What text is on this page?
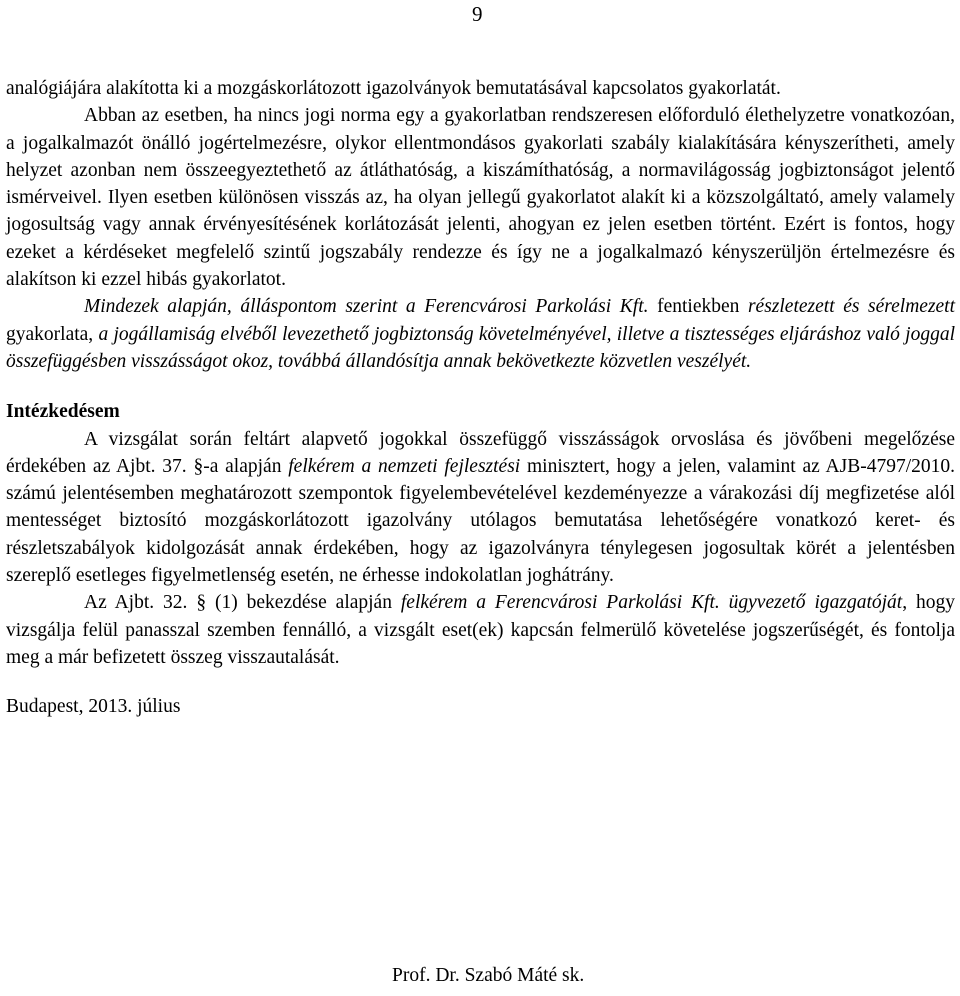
9

analógiájára alakította ki a mozgáskorlátozott igazolványok bemutatásával kapcsolatos gyakorlatát.

Abban az esetben, ha nincs jogi norma egy a gyakorlatban rendszeresen előforduló élethelyzetre vonatkozóan, a jogalkalmazót önálló jogértelmezésre, olykor ellentmondásos gyakorlati szabály kialakítására kényszerítheti, amely helyzet azonban nem összeegyeztethető az átláthatóság, a kiszámíthatóság, a normavilágosság jogbiztonságot jelentő ismérveivel. Ilyen esetben különösen visszás az, ha olyan jellegű gyakorlatot alakít ki a közszolgáltató, amely valamely jogosultság vagy annak érvényesítésének korlátozását jelenti, ahogyan ez jelen esetben történt. Ezért is fontos, hogy ezeket a kérdéseket megfelelő szintű jogszabály rendezze és így ne a jogalkalmazó kényszerüljön értelmezésre és alakítson ki ezzel hibás gyakorlatot.

Mindezek alapján, álláspontom szerint a Ferencvárosi Parkolási Kft. fentiekben részletezett és sérelmezett gyakorlata, a jogállamiság elvéből levezethető jogbiztonság követelményével, illetve a tisztességes eljáráshoz való joggal összefüggésben visszásságot okoz, továbbá állandósítja annak bekövetkezte közvetlen veszélyét.

Intézkedésem

A vizsgálat során feltárt alapvető jogokkal összefüggő visszásságok orvoslása és jövőbeni megelőzése érdekében az Ajbt. 37. §-a alapján felkérem a nemzeti fejlesztési minisztert, hogy a jelen, valamint az AJB-4797/2010. számú jelentésemben meghatározott szempontok figyelembevételével kezdeményezze a várakozási díj megfizetése alól mentességet biztosító mozgáskorlátozott igazolvány utólagos bemutatása lehetőségére vonatkozó keret- és részletszabályok kidolgozását annak érdekében, hogy az igazolványra ténylegesen jogosultak körét a jelentésben szereplő esetleges figyelmetlenség esetén, ne érhesse indokolatlan joghátrány.

Az Ajbt. 32. § (1) bekezdése alapján felkérem a Ferencvárosi Parkolási Kft. ügyvezető igazgatóját, hogy vizsgálja felül panasszal szemben fennálló, a vizsgált eset(ek) kapcsán felmerülő követelése jogszerűségét, és fontolja meg a már befizetett összeg visszautalását.

Budapest, 2013. július

Prof. Dr. Szabó Máté sk.
